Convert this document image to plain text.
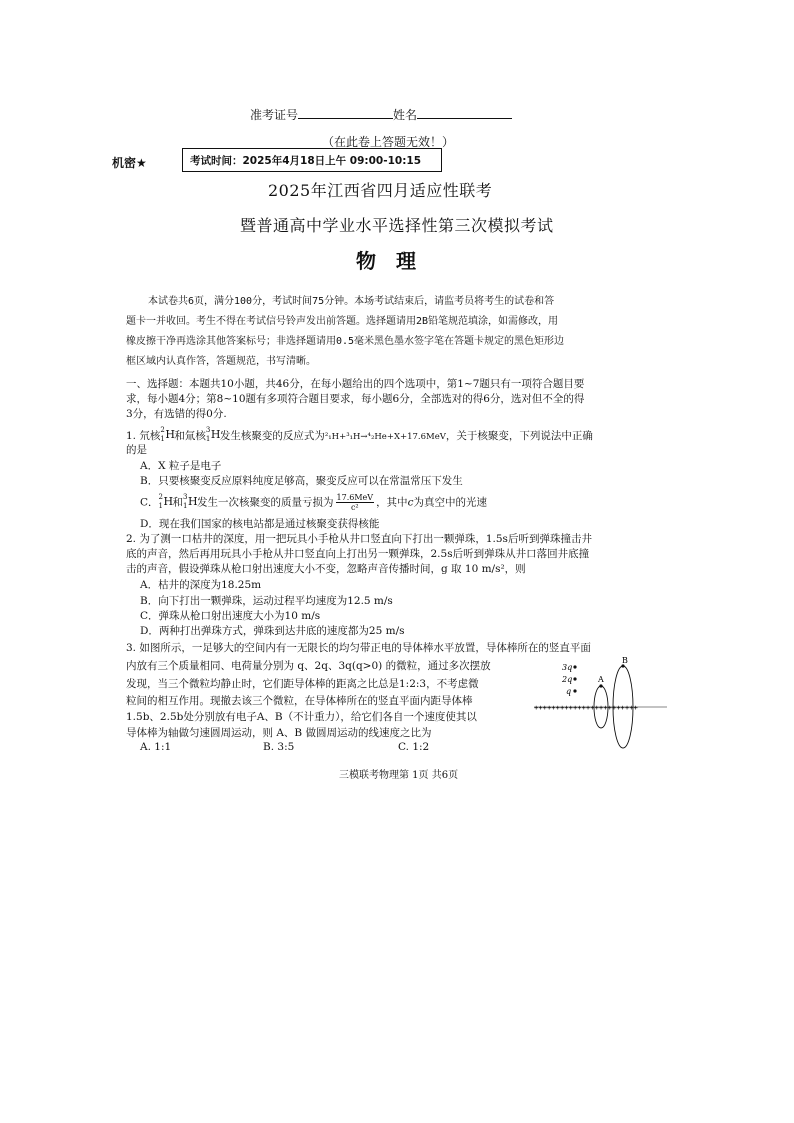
准考证号	姓名
（在此卷上答题无效！）
机密★	考试时间：2025年4月18日上午 09:00-10:15
2025年江西省四月适应性联考
暨普通高中学业水平选择性第三次模拟考试
物　理
本试卷共6页，满分100分，考试时间75分钟。本场考试结束后，请监考员将考生的试卷和答
题卡一并收回。考生不得在考试信号铃声发出前答题。选择题请用2B铅笔规范填涂，如需修改，用
橡皮擦干净再选涂其他答案标号；非选择题请用0.5毫米黑色墨水签字笔在答题卡规定的黑色矩形边
框区域内认真作答，答题规范，书写清晰。
一、选择题：本题共10小题，共46分，在每小题给出的四个选项中，第1~7题只有一项符合题目要
求，每小题4分；第8~10题有多项符合题目要求，每小题6分，全部选对的得6分，选对但不全的得
3分，有选错的得0分.
1. 氘核 2
1 H 和氚核 3
1 H 发生核聚变的反应式为²₁H+³₁H→⁴₂He+X+17.6MeV，关于核聚变，下列说法中正确
的是
A．X 粒子是电子
B．只要核聚变反应原料纯度足够高，聚变反应可以在常温常压下发生
C． 2
1 H 和 3
1 H 发生一次核聚变的质量亏损为 $\frac{\text{17.6MeV}}{\text{c²}}$ ，其中c为真空中的光速
D．现在我们国家的核电站都是通过核聚变获得核能
2. 为了测一口枯井的深度，用一把玩具小手枪从井口竖直向下打出一颗弹珠，1.5s后听到弹珠撞击井
底的声音，然后再用玩具小手枪从井口竖直向上打出另一颗弹珠，2.5s后听到弹珠从井口落回井底撞
击的声音，假设弹珠从枪口射出速度大小不变，忽略声音传播时间，g 取 10 m/s²，则
A．枯井的深度为18.25m
B．向下打出一颗弹珠，运动过程平均速度为12.5 m/s
C．弹珠从枪口射出速度大小为10 m/s
D．两种打出弹珠方式，弹珠到达井底的速度都为25 m/s
3. 如图所示，一足够大的空间内有一无限长的均匀带正电的导体棒水平放置，导体棒所在的竖直平面
内放有三个质量相同、电荷量分别为 q、2q、3q(q>0) 的微粒，通过多次摆放
发现，当三个微粒均静止时，它们距导体棒的距离之比总是1:2:3，不考虑微
粒间的相互作用。现撤去该三个微粒，在导体棒所在的竖直平面内距导体棒
1.5b、2.5b处分别放有电子A、B（不计重力），给它们各自一个速度使其以
导体棒为轴做匀速圆周运动，则 A、B 做圆周运动的线速度之比为
A. 1:1	B. 3:5	C. 1:2
3q
2q
q
A
B
++++++++++++++++++++++++
三模联考物理第 1页 共6页
